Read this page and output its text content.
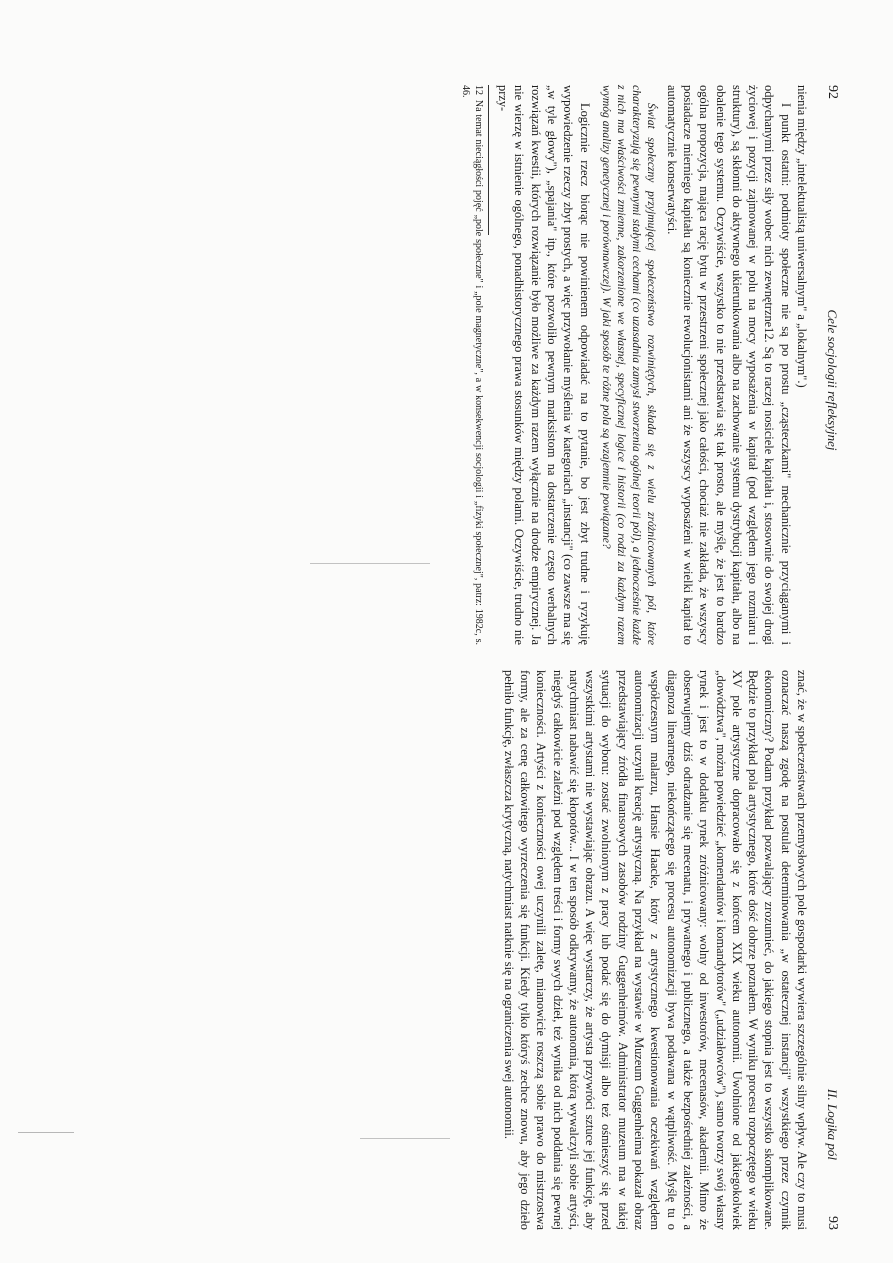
92
Cele socjologii refleksyjnej

nienia między „intelektualistą uniwersalnym" a „lokalnym".)

I punkt ostatni: podmioty społeczne nie są po prostu „cząsteczkami" mechanicznie przyciąganymi i odpychanymi przez siły wobec nich zewnętrzne12. Są to raczej nosiciele kapitału i, stosownie do swojej drogi życiowej i pozycji zajmowanej w polu na mocy wyposażenia w kapitał (pod względem jego rozmiaru i struktury), są skłonni do aktywnego ukierunkowania albo na zachowanie systemu dystrybucji kapitału, albo na obalenie tego systemu. Oczywiście, wszystko to nie przedstawia się tak prosto, ale myślę, że jest to bardzo ogólna propozycja, mająca rację bytu w przestrzeni społecznej jako całości, chociaż nie zakłada, że wszyscy posiadacze mierniego kapitału są koniecznie rewolucjonistami ani że wszyscy wyposażeni w wielki kapitał to automatycznie konserwatyści.

Świat społeczny przyjmującej społeczeństwo rozwiniętych, składa się z wielu zróżnicowanych pól, które charakteryzują się pewnymi stałymi cechami (co uzasadnia zamysł stworzenia ogólnej teorii pól), a jednocześnie każde z nich ma właściwości zmienne, zakorzenione we własnej, specyficznej logice i historii (co rodzi za każdym razem wymóg analizy genetycznej i porównawczej). W jaki sposób te różne pola są wzajemnie powiązane?

Logicznie rzecz biorąc nie powinienem odpowiadać na to pytanie, bo jest zbyt trudne i ryzykuję wypowiedzenie rzeczy zbyt prostych, a więc przywołanie myślenia w kategoriach „instancji" (co zawsze ma się „w tyle głowy"), „spajania" itp., które pozwoliło pewnym marksistom na dostarczenie często werbalnych rozwiązań kwestii, których rozwiązanie było możliwe za każdym razem wyłącznie na drodze empirycznej. Ja nie wierzę w istnienie ogólnego, ponadhistorycznego prawa stosunków między polami. Oczywiście, trudno nie przy-

12 Na temat nieciągłości pojęć „pole społeczne" i „pole magnetyczne", a w konsekwencji socjologii i „fizyki społecznej", patrz: 1982c, s. 46.
II. Logika pól
93

znać, że w społeczeństwach przemysłowych pole gospodarki wywiera szczególnie silny wpływ. Ale czy to musi oznaczać naszą zgodę na postulat determinowania „w ostatecznej instancji" wszystkiego przez czynnik ekonomiczny? Podam przykład pozwalający zrozumieć, do jakiego stopnia jest to wszystko skomplikowane. Będzie to przykład pola artystycznego, które dość dobrze poznałem. W wyniku procesu rozpoczętego w wieku XV pole artystyczne dopracowało się z końcem XIX wieku autonomii. Uwolnione od jakiegokolwiek „dowództwa", można powiedzieć „komendantów i komandytorów" („udziałowców"), samo tworzy swój własny rynek i jest to w dodatku rynek zróżnicowany: wolny od inwestorów, mecenasów, akademii. Mimo że obserwujemy dziś odradzanie się mecenatu, i prywatnego i publicznego, a także bezpośredniej zależności, a diagnoza linearnego, niekończącego się procesu autonomizacji bywa podawana w wątpliwość. Myślę tu o współczesnym malarzu, Hansie Haacke, który z artystycznego kwestionowania oczekiwań względem autonomizacji uczynił kreację artystyczną. Na przykład na wystawie w Muzeum Guggenheima pokazał obraz przedstawiający źródła finansowych zasobów rodziny Guggenheimów. Administrator muzeum ma w takiej sytuacji do wyboru: zostać zwolnionym z pracy lub podać się do dymisji albo też ośmieszyć się przed wszystkimi artystami nie wystawiając obrazu. A więc wystarczy, że artysta przywróci sztuce jej funkcję, aby natychmiast nabawić się kłopotów... I w ten sposób odkrywamy, że autonomia, którą wywalczyli sobie artyści, niegdyś całkowicie zależni pod względem treści i formy swych dzieł, też wynika od nich poddania się pewnej konieczności. Artyści z konieczności owej uczynili zaletę, mianowicie roszczą sobie prawo do mistrzostwa formy, ale za cenę całkowitego wyrzeczenia się funkcji. Kiedy tylko któryś zechce znowu, aby jego dzieło pełniło funkcję, zwłaszcza krytyczną, natychmiast natknie się na ograniczenia swej autonomii.
